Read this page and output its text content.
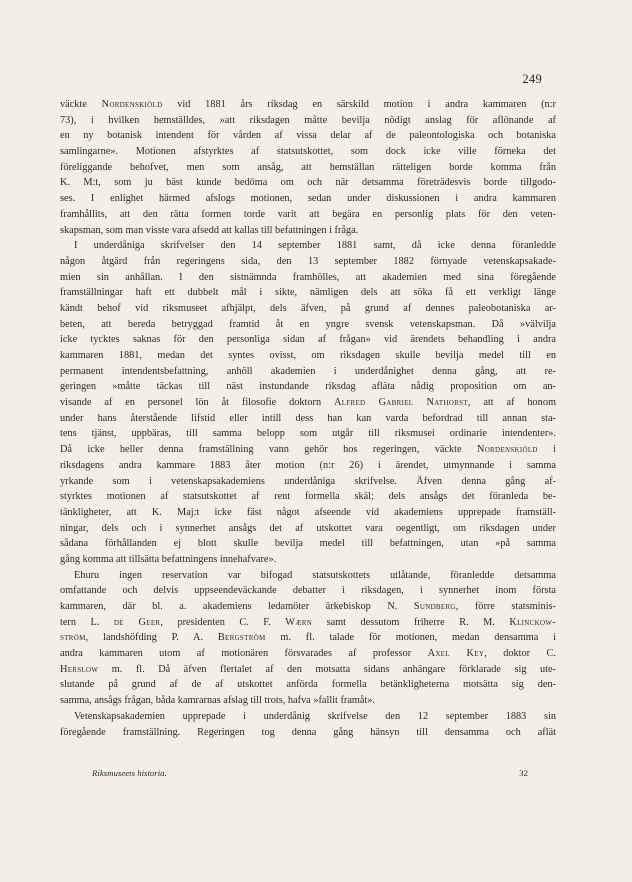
249
väckte Nordenskiöld vid 1881 års riksdag en särskild motion i andra kammaren (n:r
73), i hvilken hemställdes, »att riksdagen måtte bevilja nödigt anslag för aflönande af
en ny botanisk intendent för vården af vissa delar af de paleontologiska och botaniska
samlingarne». Motionen afstyrktes af statsutskottet, som dock icke ville förneka det
föreliggande behofvet, men som ansåg, att hemställan rätteligen borde komma från
K. M:t, som ju bäst kunde bedöma om och när detsamma företrädesvis borde tillgodo-
ses. I enlighet härmed afslogs motionen, sedan under diskussionen i andra kammaren
framhållits, att den rätta formen torde varit att begära en personlig plats för den veten-
skapsman, som man visste vara afsedd att kallas till befattningen i fråga.
I underdåniga skrifvelser den 14 september 1881 samt, då icke denna föranledde
någon åtgärd från regeringens sida, den 13 september 1882 förnyade vetenskapsakade-
mien sin anhållan. I den sistnämnda framhölles, att akademien med sina föregående
framställningar haft ett dubbelt mål i sikte, nämligen dels att söka få ett verkligt länge
kändt behof vid riksmuseet afhjälpt, dels äfven, på grund af dennes paleobotaniska ar-
beten, att bereda betryggad framtid åt en yngre svensk vetenskapsman. Då »välvilja
icke tycktes saknas för den personliga sidan af frågan» vid ärendets behandling i andra
kammaren 1881, medan det syntes ovisst, om riksdagen skulle bevilja medel till en
permanent intendentsbefattning, anhöll akademien i underdånighet denna gång, att re-
geringen »måtte täckas till näst instundande riksdag afläta nådig proposition om an-
visande af en personel lön åt filosofie doktorn Alfred Gabriel Nathorst, att af honom
under hans återstående lifstid eller intill dess han kan varda befordrad till annan sta-
tens tjänst, uppbäras, till samma belopp som utgår till riksmusei ordinarie intendenter».
Då icke heller denna framställning vann gehör hos regeringen, väckte Nordenskiöld i
riksdagens andra kammare 1883 åter motion (n:r 26) i ärendet, utmynnande i samma
yrkande som i vetenskapsakademiens underdåniga skrifvelse. Äfven denna gång af-
styrktes motionen af statsutskottet af rent formella skäl; dels ansågs det föranleda be-
tänkligheter, att K. Maj:t icke fäst något afseende vid akademiens upprepade framställ-
ningar, dels och i synnerhet ansågs det af utskottet vara oegentligt, om riksdagen under
sådana förhållanden ej blott skulle bevilja medel till befattningen, utan »på samma
gång komma att tillsätta befattningens innehafvare».
Ehuru ingen reservation var bifogad statsutskottets utlåtande, föranledde detsamma
omfattande och delvis uppseendeväckande debatter i riksdagen, i synnerhet inom första
kammaren, där bl. a. akademiens ledamöter ärkebiskop N. Sundberg, förre statsminis-
tern L. de Geer, presidenten C. F. Wærn samt dessutom friherre R. M. Klinckow-
ström, landshöfding P. A. Bergström m. fl. talade för motionen, medan densamma i
andra kammaren utom af motionären försvarades af professor Axel Key, doktor C.
Herslow m. fl. Då äfven flertalet af den motsatta sidans anhängare förklarade sig ute-
slutande på grund af de af utskottet anförda formella betänkligheterna motsätta sig den-
samma, ansågs frågan, båda kamrarnas afslag till trots, hafva »fallit framåt».
Vetenskapsakademien upprepade i underdånig skrifvelse den 12 september 1883 sin
föregående framställning. Regeringen tog denna gång hänsyn till densamma och aflät
Riksmuseets historia.	32
